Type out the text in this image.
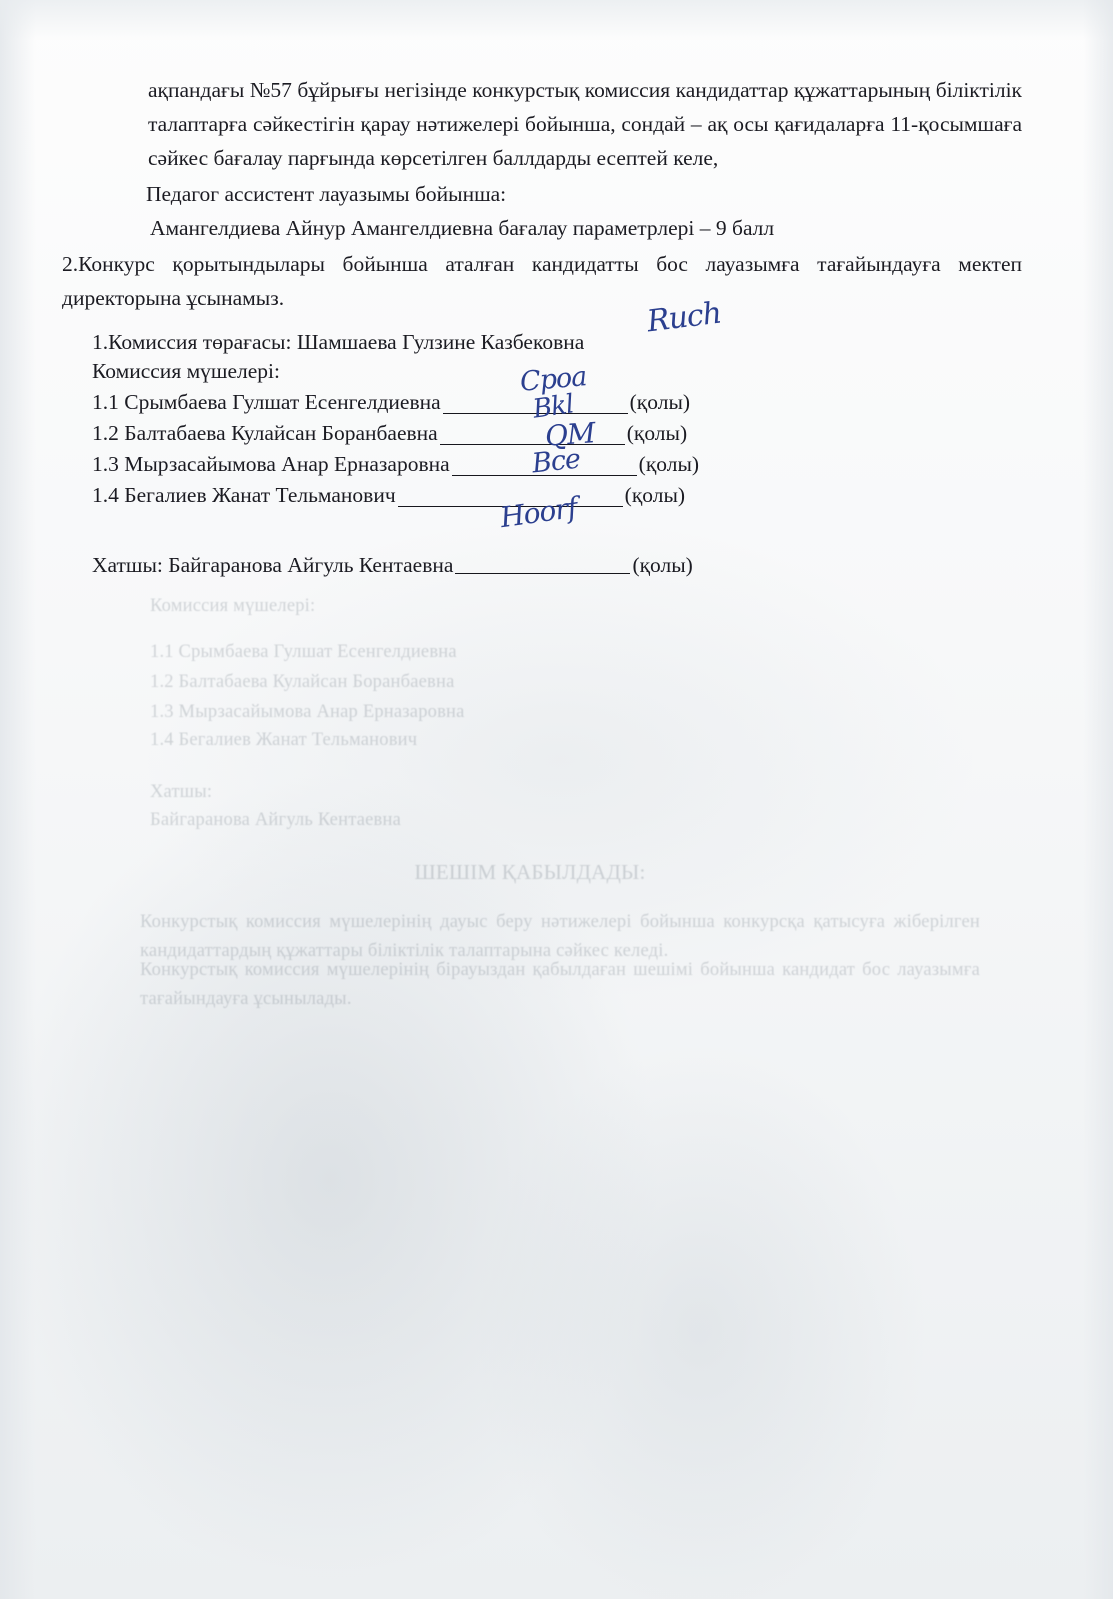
Комиссия мүшелері:
1.1 Срымбаева Гулшат Есенгелдиевна
1.2 Балтабаева Кулайсан Боранбаевна
1.3 Мырзасайымова Анар Ерназаровна
1.4 Бегалиев Жанат Тельманович
Хатшы:
Байгаранова Айгуль Кентаевна
ШЕШІМ ҚАБЫЛДАДЫ:
Конкурстық комиссия мүшелерінің дауыс беру нәтижелері бойынша конкурсқа қатысуға жіберілген кандидаттардың құжаттары біліктілік талаптарына сәйкес келеді.
Конкурстық комиссия мүшелерінің бірауыздан қабылдаған шешімі бойынша кандидат бос лауазымға тағайындауға ұсынылады.

ақпандағы №57 бұйрығы негізінде конкурстық комиссия кандидаттар құжаттарының біліктілік талаптарға сәйкестігін қарау нәтижелері бойынша, сондай – ақ осы қағидаларға 11-қосымшаға сәйкес бағалау парғында көрсетілген баллдарды есептей келе,

Педагог ассистент лауазымы бойынша:

Амангелдиева Айнур Амангелдиевна бағалау параметрлері – 9 балл

2.Конкурс қорытындылары бойынша аталған кандидатты бос лауазымға тағайындауға мектеп директорына ұсынамыз.

1.Комиссия төрағасы: Шамшаева Гулзине Казбековна
Комиссия мүшелері:
1.1 Срымбаева Гулшат Есенгелдиевна	(қолы)
1.2 Балтабаева Кулайсан Боранбаевна	(қолы)
1.3 Мырзасайымова Анар Ерназаровна	(қолы)
1.4 Бегалиев Жанат Тельманович	(қолы)
Хатшы: Байгаранова Айгуль Кентаевна	(қолы)
Ruch
Cpoa
Bkl
QM
Bce
Hoorf
